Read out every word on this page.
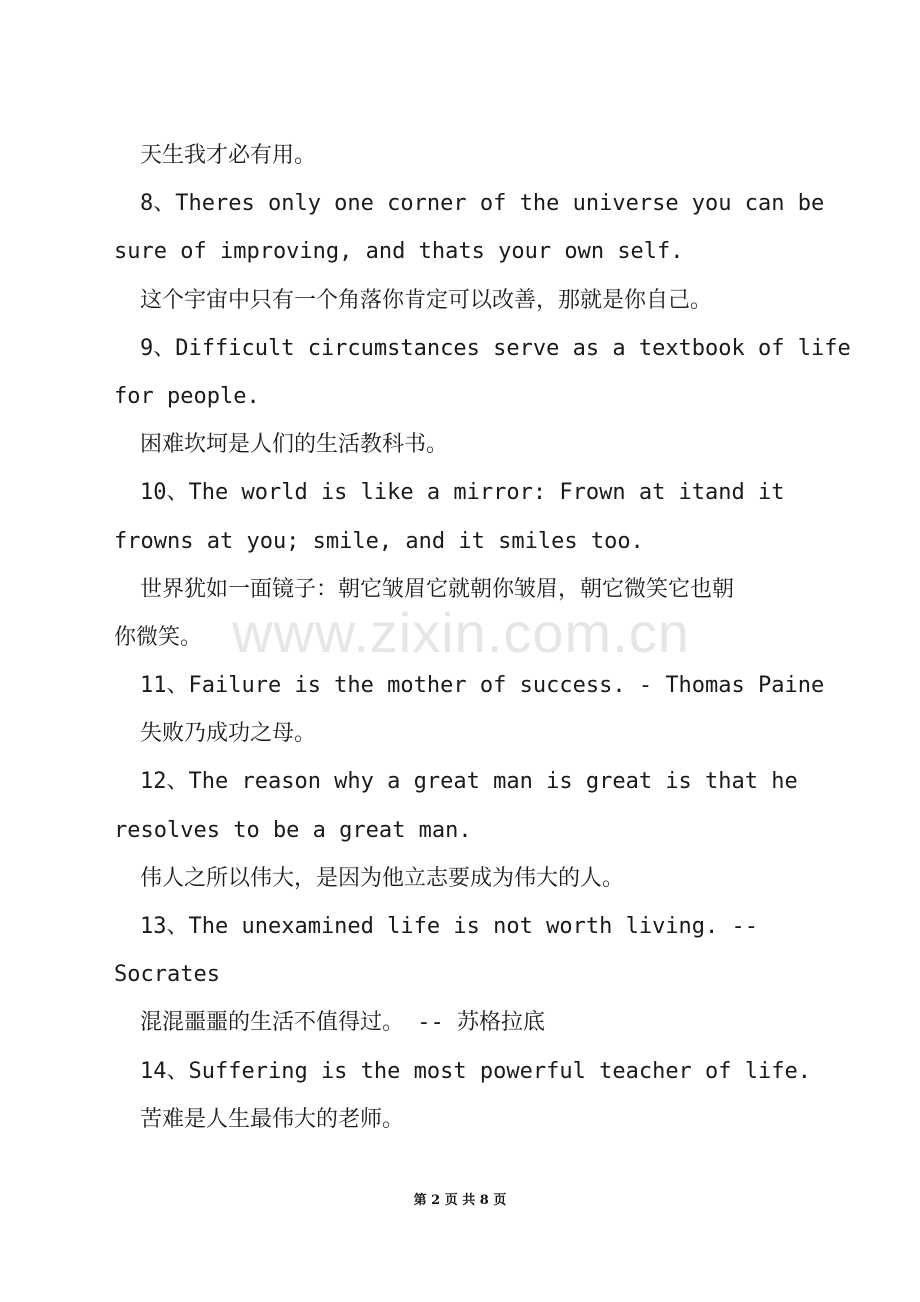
天生我才必有用。
8、Theres only one corner of the universe you can be
sure of improving, and thats your own self.
这个宇宙中只有一个角落你肯定可以改善，那就是你自己。
9、Difficult circumstances serve as a textbook of life
for people.
困难坎坷是人们的生活教科书。
10、The world is like a mirror: Frown at itand it
frowns at you; smile, and it smiles too.
世界犹如一面镜子：朝它皱眉它就朝你皱眉，朝它微笑它也朝
你微笑。
11、Failure is the mother of success. - Thomas Paine
失败乃成功之母。
12、The reason why a great man is great is that he
resolves to be a great man.
伟人之所以伟大，是因为他立志要成为伟大的人。
13、The unexamined life is not worth living. --
Socrates
混混噩噩的生活不值得过。 -- 苏格拉底
14、Suffering is the most powerful teacher of life.
苦难是人生最伟大的老师。
www.zixin.com.cn
第 2 页 共 8 页
